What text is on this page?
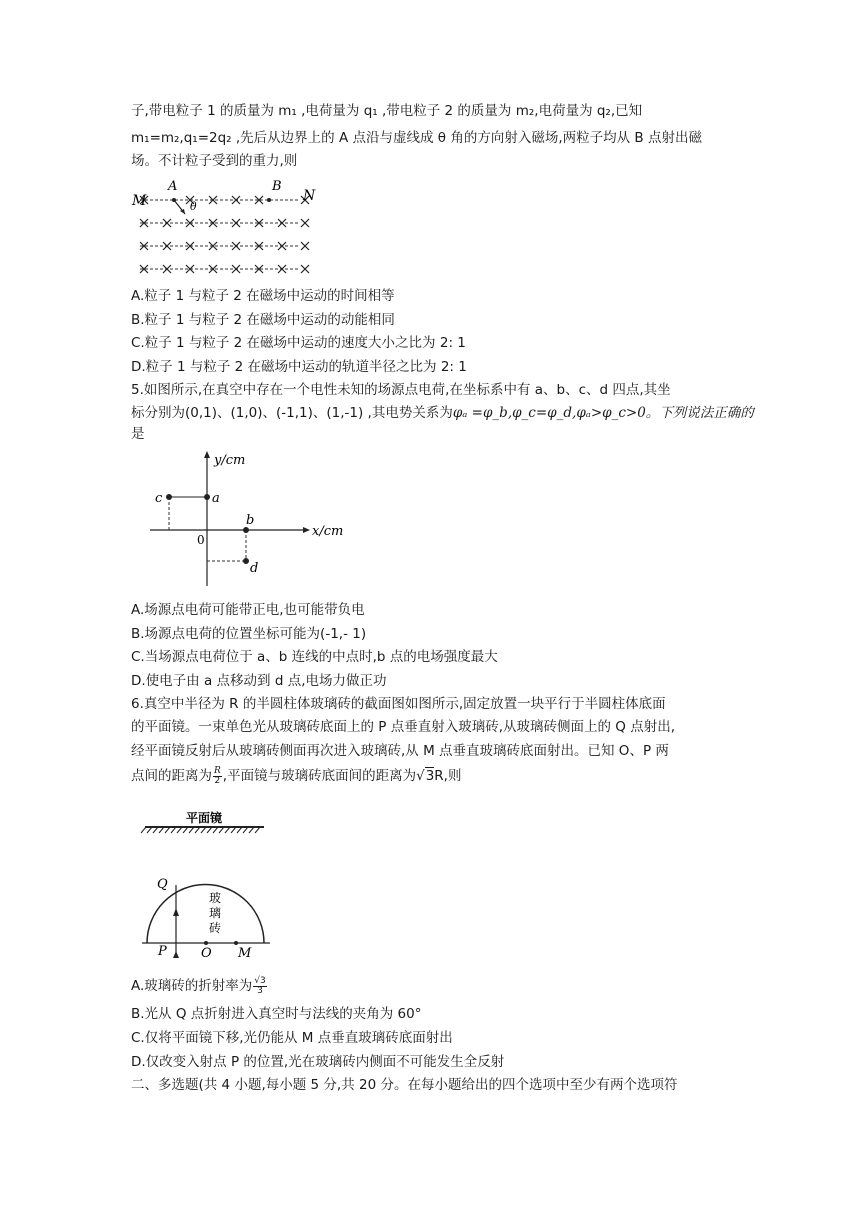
子,带电粒子 1 的质量为 m₁ ,电荷量为 q₁ ,带电粒子 2 的质量为 m₂,电荷量为 q₂,已知
m₁=m₂,q₁=2q₂ ,先后从边界上的 A 点沿与虚线成 θ 角的方向射入磁场,两粒子均从 B 点射出磁
场。不计粒子受到的重力,则
M
A	B
N
θ
A.粒子 1 与粒子 2 在磁场中运动的时间相等
B.粒子 1 与粒子 2 在磁场中运动的动能相同
C.粒子 1 与粒子 2 在磁场中运动的速度大小之比为 2: 1
D.粒子 1 与粒子 2 在磁场中运动的轨道半径之比为 2: 1
5.如图所示,在真空中存在一个电性未知的场源点电荷,在坐标系中有 a、b、c、d 四点,其坐
标分别为(0,1)、(1,0)、(-1,1)、(1,-1) ,其电势关系为φₐ =φ_b,φ_c=φ_d,φₐ>φ_c>0。下列说法正确的
是
y/cm
x/cm
0
a
b
c
d
A.场源点电荷可能带正电,也可能带负电
B.场源点电荷的位置坐标可能为(-1,- 1)
C.当场源点电荷位于 a、b 连线的中点时,b 点的电场强度最大
D.使电子由 a 点移动到 d 点,电场力做正功
6.真空中半径为 R 的半圆柱体玻璃砖的截面图如图所示,固定放置一块平行于半圆柱体底面
的平面镜。一束单色光从玻璃砖底面上的 P 点垂直射入玻璃砖,从玻璃砖侧面上的 Q 点射出,
经平面镜反射后从玻璃砖侧面再次进入玻璃砖,从 M 点垂直玻璃砖底面射出。已知 O、P 两
点间的距离为 $\frac{R}{2}$ ,平面镜与玻璃砖底面间的距离为√3R,则
平面镜
Q
玻
璃
砖
P	O M
A.玻璃砖的折射率为 $\frac{√3}{3}$
B.光从 Q 点折射进入真空时与法线的夹角为 60°
C.仅将平面镜下移,光仍能从 M 点垂直玻璃砖底面射出
D.仅改变入射点 P 的位置,光在玻璃砖内侧面不可能发生全反射
二、多选题(共 4 小题,每小题 5 分,共 20 分。在每小题给出的四个选项中至少有两个选项符
